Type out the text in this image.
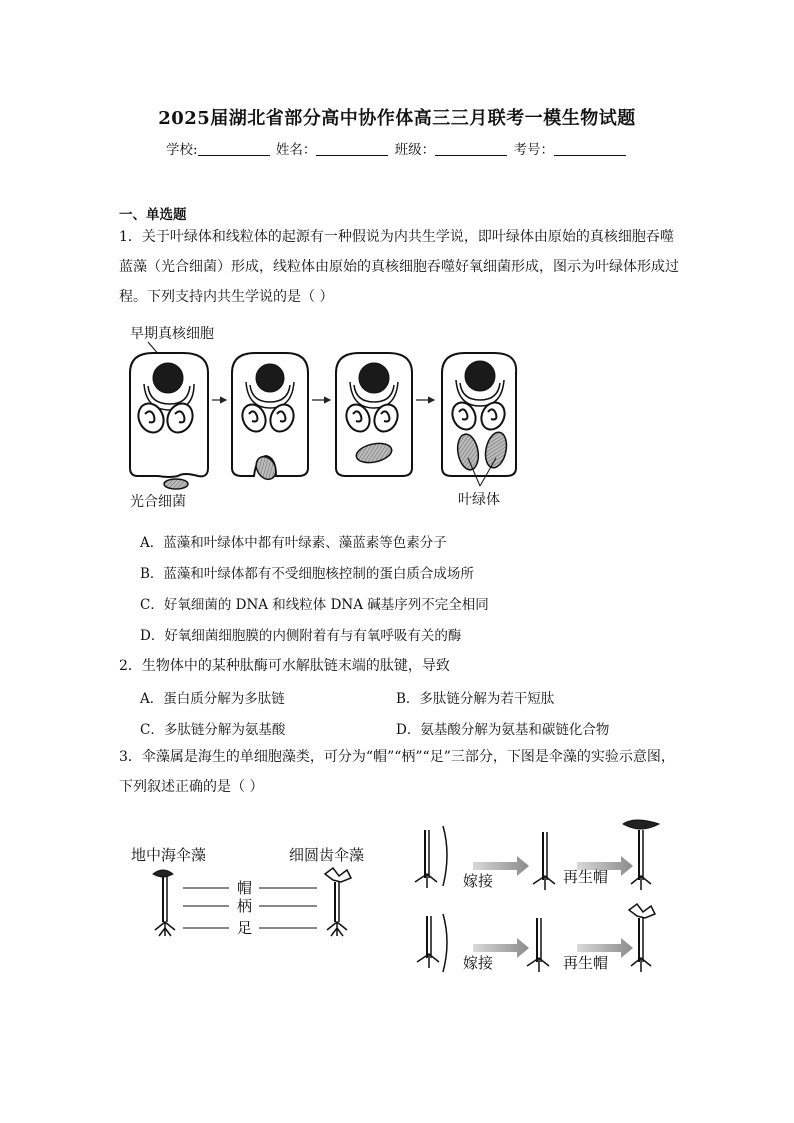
2025届湖北省部分高中协作体高三三月联考一模生物试题
学校:	姓名：	班级：	考号：
一、单选题
1．关于叶绿体和线粒体的起源有一种假说为内共生学说，即叶绿体由原始的真核细胞吞噬
蓝藻（光合细菌）形成，线粒体由原始的真核细胞吞噬好氧细菌形成，图示为叶绿体形成过
程。下列支持内共生学说的是（ ）
早期真核细胞
光合细菌	叶绿体
A．蓝藻和叶绿体中都有叶绿素、藻蓝素等色素分子
B．蓝藻和叶绿体都有不受细胞核控制的蛋白质合成场所
C．好氧细菌的 DNA 和线粒体 DNA 碱基序列不完全相同
D．好氧细菌细胞膜的内侧附着有与有氧呼吸有关的酶
2．生物体中的某种肽酶可水解肽链末端的肽键，导致
A．蛋白质分解为多肽链	B．多肽链分解为若干短肽
C．多肽链分解为氨基酸	D．氨基酸分解为氨基和碳链化合物
3．伞藻属是海生的单细胞藻类，可分为“帽”“柄”“足”三部分，下图是伞藻的实验示意图，
下列叙述正确的是（ ）
地中海伞藻	细圆齿伞藻
帽
柄
足
嫁接	再生帽
嫁接	再生帽
